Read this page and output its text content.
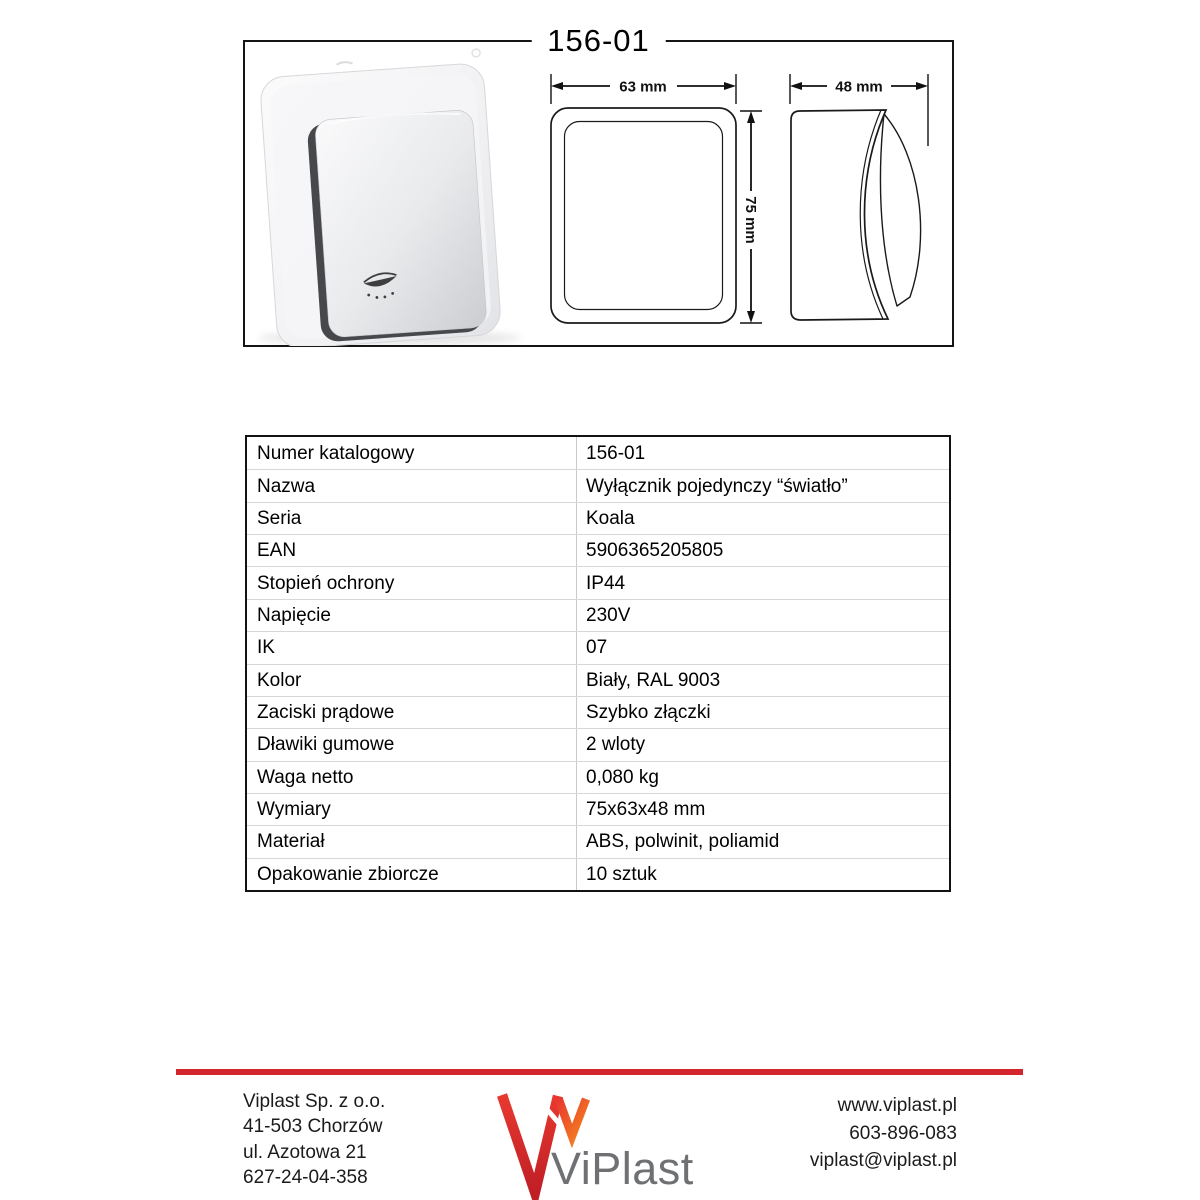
156-01
63 mm
75 mm
48 mm
Numer katalogowy	156-01
Nazwa	Wyłącznik pojedynczy “światło”
Seria	Koala
EAN	5906365205805
Stopień ochrony	IP44
Napięcie	230V
IK	07
Kolor	Biały, RAL 9003
Zaciski prądowe	Szybko złączki
Dławiki gumowe	2 wloty
Waga netto	0,080 kg
Wymiary	75x63x48 mm
Materiał	ABS, polwinit, poliamid
Opakowanie zbiorcze	10 sztuk
Viplast Sp. z o.o.
41-503 Chorzów
ul. Azotowa 21
627-24-04-358	ViPlast
www.viplast.pl
603-896-083
viplast@viplast.pl
